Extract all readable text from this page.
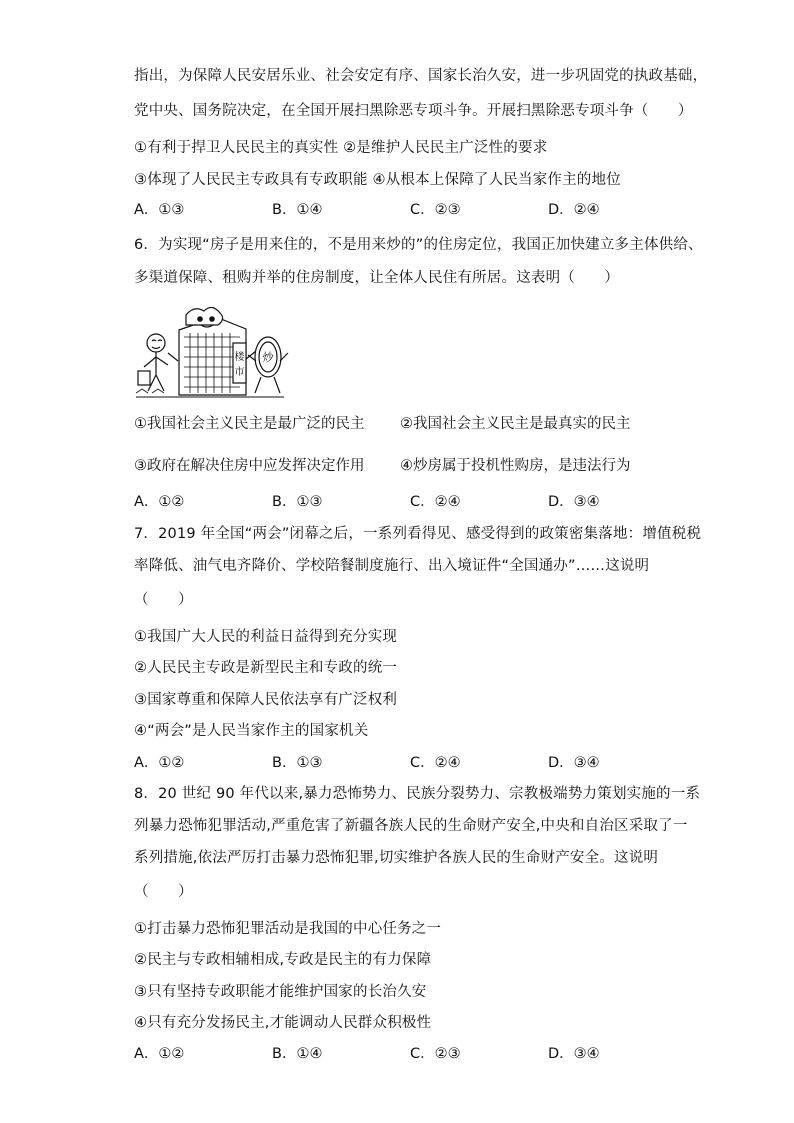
指出，为保障人民安居乐业、社会安定有序、国家长治久安，进一步巩固党的执政基础，
党中央、国务院决定，在全国开展扫黑除恶专项斗争。开展扫黑除恶专项斗争（　　）
①有利于捍卫人民民主的真实性 ②是维护人民民主广泛性的要求
③体现了人民民主专政具有专政职能 ④从根本上保障了人民当家作主的地位
A．①③	B．①④	C．②③	D．②④
6．为实现“房子是用来住的，不是用来炒的”的住房定位，我国正加快建立多主体供给、
多渠道保障、租购并举的住房制度，让全体人民住有所居。这表明（　　）
楼
市
炒
①我国社会主义民主是最广泛的民主 ②我国社会主义民主是最真实的民主
③政府在解决住房中应发挥决定作用 ④炒房属于投机性购房，是违法行为
A．①②	B．①③	C．②④	D．③④
7．2019 年全国“两会”闭幕之后，一系列看得见、感受得到的政策密集落地：增值税税
率降低、油气电齐降价、学校陪餐制度施行、出入境证件“全国通办”……这说明
（　　）
①我国广大人民的利益日益得到充分实现
②人民民主专政是新型民主和专政的统一
③国家尊重和保障人民依法享有广泛权利
④“两会”是人民当家作主的国家机关
A．①②	B．①③	C．②④	D．③④
8．20 世纪 90 年代以来,暴力恐怖势力、民族分裂势力、宗教极端势力策划实施的一系
列暴力恐怖犯罪活动,严重危害了新疆各族人民的生命财产安全,中央和自治区采取了一
系列措施,依法严厉打击暴力恐怖犯罪,切实维护各族人民的生命财产安全。这说明
（　　）
①打击暴力恐怖犯罪活动是我国的中心任务之一
②民主与专政相辅相成,专政是民主的有力保障
③只有坚持专政职能才能维护国家的长治久安
④只有充分发扬民主,才能调动人民群众积极性
A．①②	B．①④	C．②③	D．③④
